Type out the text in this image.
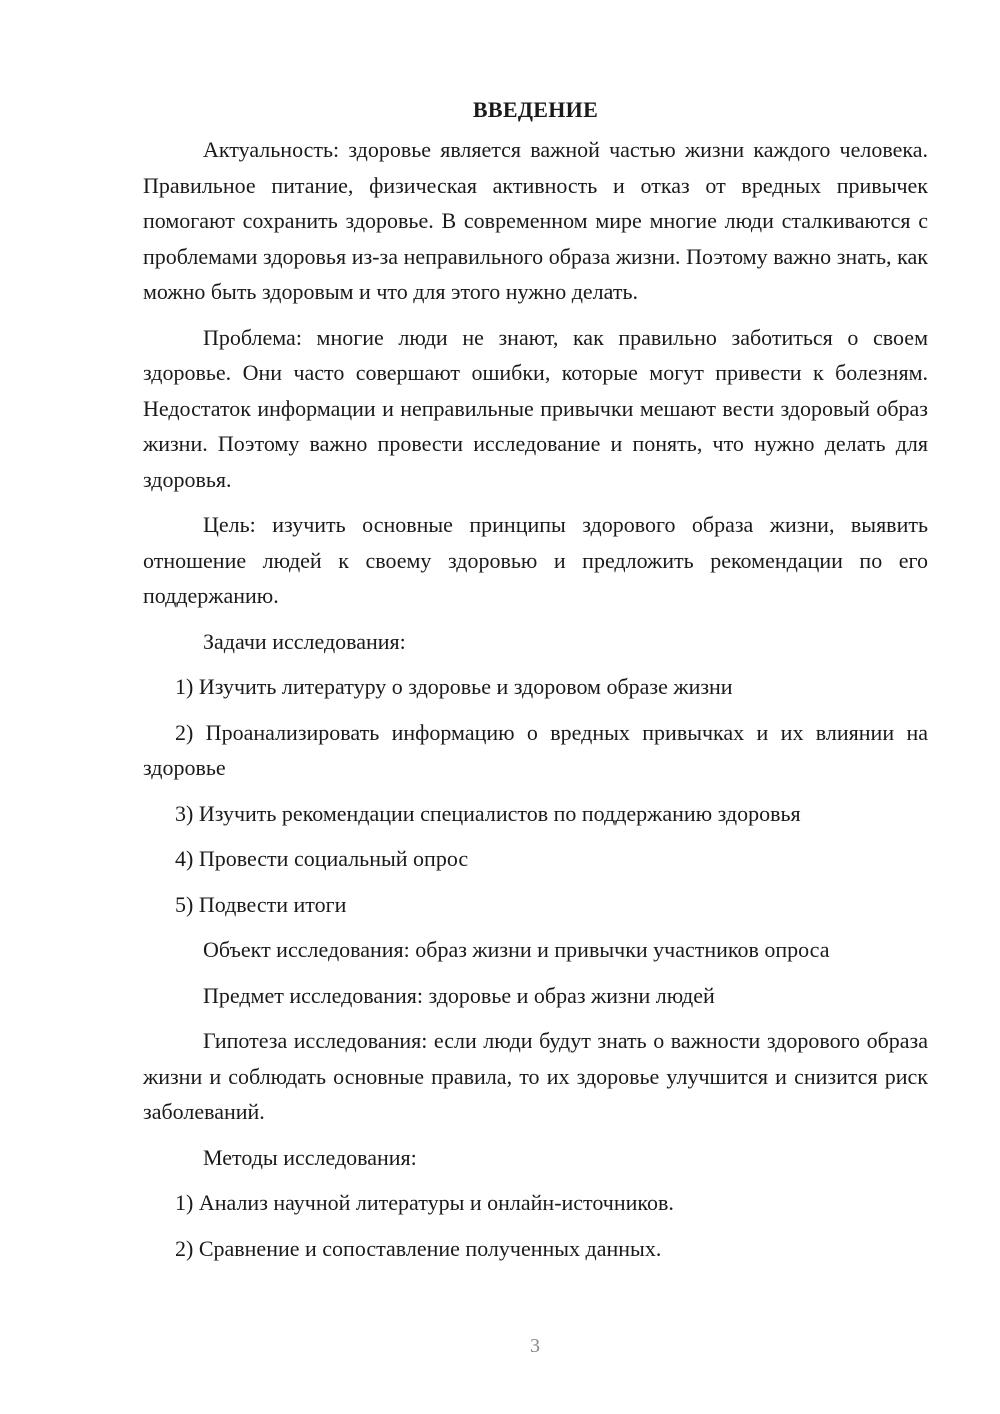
ВВЕДЕНИЕ

Актуальность: здоровье является важной частью жизни каждого человека. Правильное питание, физическая активность и отказ от вредных привычек помогают сохранить здоровье. В современном мире многие люди сталкиваются с проблемами здоровья из-за неправильного образа жизни. Поэтому важно знать, как можно быть здоровым и что для этого нужно делать.

Проблема: многие люди не знают, как правильно заботиться о своем здоровье. Они часто совершают ошибки, которые могут привести к болезням. Недостаток информации и неправильные привычки мешают вести здоровый образ жизни. Поэтому важно провести исследование и понять, что нужно делать для здоровья.

Цель: изучить основные принципы здорового образа жизни, выявить отношение людей к своему здоровью и предложить рекомендации по его поддержанию.

Задачи исследования:

1) Изучить литературу о здоровье и здоровом образе жизни

2) Проанализировать информацию о вредных привычках и их влиянии на здоровье

3) Изучить рекомендации специалистов по поддержанию здоровья

4) Провести социальный опрос

5) Подвести итоги

Объект исследования: образ жизни и привычки участников опроса

Предмет исследования: здоровье и образ жизни людей

Гипотеза исследования: если люди будут знать о важности здорового образа жизни и соблюдать основные правила, то их здоровье улучшится и снизится риск заболеваний.

Методы исследования:

1) Анализ научной литературы и онлайн-источников.

2) Сравнение и сопоставление полученных данных.

3
